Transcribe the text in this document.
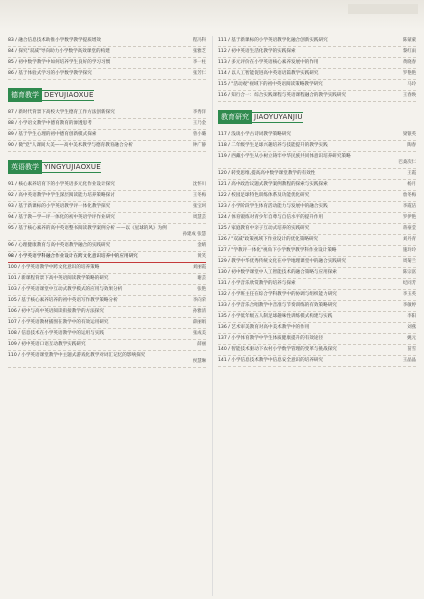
83 / 融合信息技术助推小学数学教学提质增效	程冯科
84 / 探究"双减"导向助力小学数学高效课堂的构建	张雅芝
85 / 初中数学教学中如何培养学生良好的学习习惯	李一柱
86 / 基于体验式学习的小学数学教学探究	张芳仁
德育教学 DEYUJIAOXUE
87 / 新时代背景下高校大学生德育工作方法创新探究	李秀洋
88 / 小学语文教学中德育教育的渗透思考	王乃金
89 / 基于学生心理的初中德育创新模式探索	曾小璐
90 / 微"党"人课间大美——高中美术教学与德育教育融合分析	钟广静
英语教学 YINGYUJIAOXUE
91 / 核心素养培育下的小学英语多元化作业设计探究	沈怀川
92 / 高中英语教学中学生深层阅读能力培养策略探讨	王冬梅
93 / 基于新课标的小学英语教学评一体化教学探究	张宝珂
94 / 基于教—学—评一体化的初中英语学评作业研究	周慧芸
95 / 基于核心素养的高中英语整书阅读教学案例分析 ——以《星球的风》为例
孙建成 张慧
96 / 心理健康教育与高中英语教学融合的实践研究	金晴
98 / 小学英语学科融合作业设计在跨文化意识培养中的应用研究	黄笑
100 / 小学英语教学中跨文化意识的培养策略	刘丽霞
101 / 新课程背景下高中英语阅读教学策略的研究	谢芸
103 / 小学英语课堂中互动式教学模式的应用与效果分析	张艳
105 / 基于核心素养培养的初中英语写作教学策略分析	李向荣
106 / 初中与高中英语阅读衔接教学的方法探究	孙雅清
107 / 小学英语教材插图在教学中的有效运用研究	薛丽娟
108 / 信息技术在小学英语教学中的运用与实践	张成美
109 / 初中英语口语互动教学实践研究	薛丽
110 / 小学英语课堂教学中主题式游戏化教学对词汇记忆的影响探究
侯慧琳
111 / 基于新课标的小学英语教学化融合创新实践研究	陈蒙蒙
112 / 初中英语生活化教学的实践探索	黎红雨
113 / 多元评价在小学英语核心素养发展中的作用	黄晓春
114 / 以人工智能促进高中英语语篇教学实践研究	罗艳艳
115 / "活动观"视域下的初中英语阅读策略教学研究	马玲
116 / 知行合一：综合实践课程与英语课程融合的教学实践研究	王春焕
教育研究 JIAOYUYANJIU
117 / 浅谈小学古诗词教学策略研究	梁银英
118 / 二年级学生足球兴趣培养与技能提升的教学实践	陶春
119 / 西藏小学生从小树立铸牢中华民族共同体意识培养研究策略
巴桑次仁
120 / 转变思维,提高高中数学课堂教学的有效性	王霞
121 / 高中政治议题式教学案例教程的探索与实践探索	杨月
122 / 校园足球特色训练体系及功能优化研究	詹冬梅
123 / 小学阶段学生体育活动能力与发展中的融合实践	李霞洁
124 / 体育锻炼对青少年自尊与自信水平的提升作用	罗伊艳
125 / 家庭教育中亲子互动式培养的实践研究	蒋豪莹
126 / "双减"政策视域下作业设计的优化策略研究	刘丹青
127 / "学教评一体化"视角下小学数学教学科作业设计策略	施玲玲
129 / 教学中华优秀传统文化在中学地理课堂中的融合实践研究	周菊兰
130 / 初中数学课堂中人工智能技术的融合策略与应用探索	陈宗富
131 / 小学音乐欣赏教学的培养与探索	纪同芳
132 / 小学班主任在综合学科教学中的协调与组织能力研究	李玉英
133 / 小学音乐合唱教学中音准与节奏训练的有效策略研究	李敏婷
135 / 小学低年级五人制足球趣味性训练模式构建与实践	李阳
136 / 艺术审美教育对高中美术教学中的作用	刘燕
137 / 小学体育教学中学生体质健康提升的有效途径	姚元
140 / 智能技术驱动下农村小学数学管理的变革与挑战探究	苗雪
141 / 小学信息技术教学中信息安全意识的培养研究	王晶晶
